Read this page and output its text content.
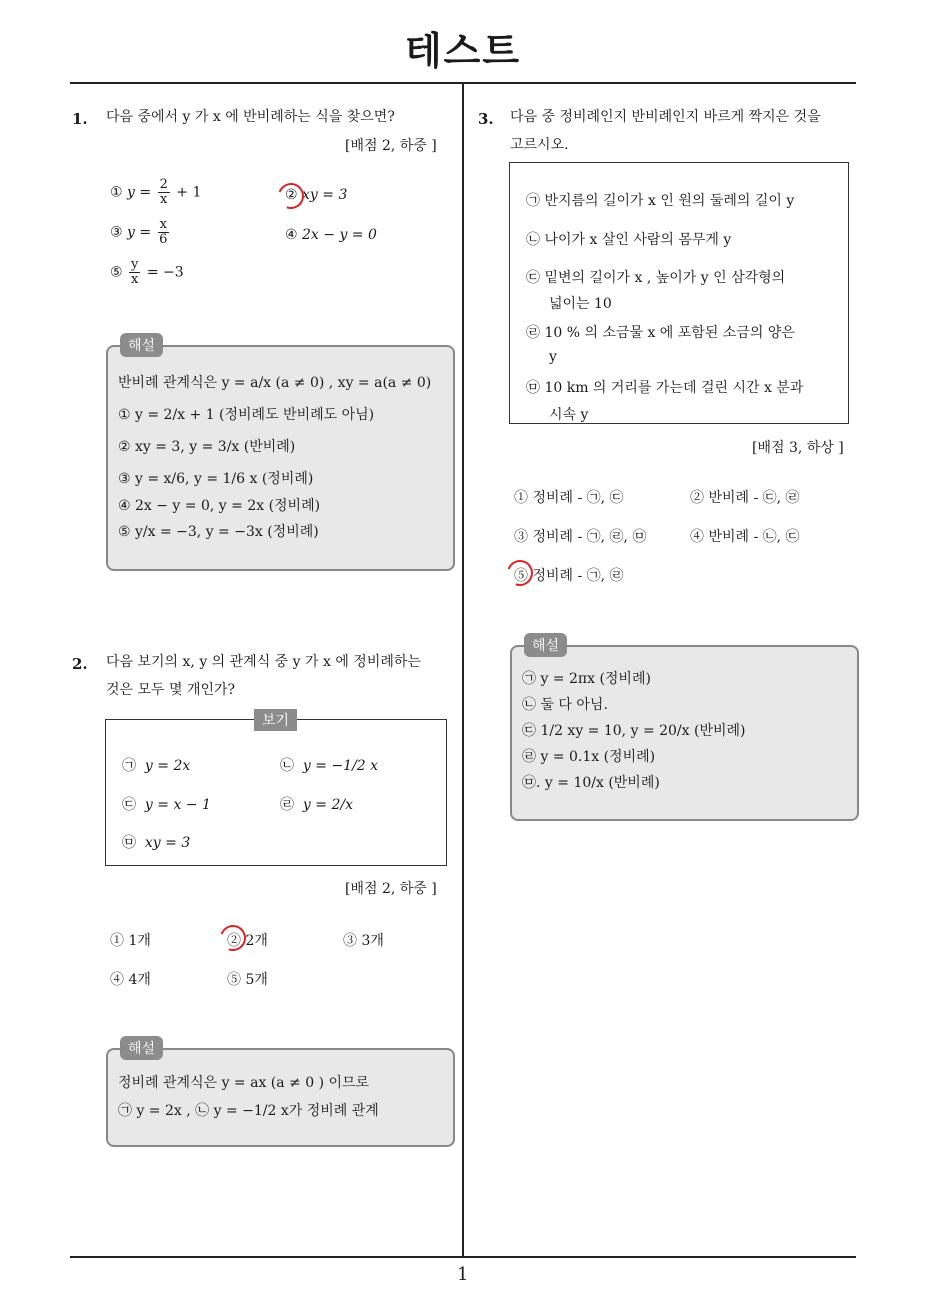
테스트
1. 다음 중에서 y 가 x 에 반비례하는 식을 찾으면?
[배점 2, 하중 ]
① $y = \frac{2}{x} + 1$	② xy = 3
③ $y = \frac{x}{6}$	④ 2x − y = 0
⑤ $\frac{y}{x} = -3$
해설
반비례 관계식은 y = a/x (a ≠ 0) , xy = a(a ≠ 0)
① y = 2/x + 1 (정비례도 반비례도 아님)
② xy = 3, y = 3/x (반비례)
③ y = x/6, y = 1/6 x (정비례)
④ 2x − y = 0, y = 2x (정비례)
⑤ y/x = −3, y = −3x (정비례)
2. 다음 보기의 x, y 의 관계식 중 y 가 x 에 정비례하는
것은 모두 몇 개인가?
보기
㉠ y = 2x	㉡ y = −1/2 x
㉢ y = x − 1	㉣ y = 2/x
㉤ xy = 3
[배점 2, 하중 ]
① 1개	② 2개	③ 3개
④ 4개	⑤ 5개
해설
정비례 관계식은 y = ax (a ≠ 0 ) 이므로
㉠ y = 2x , ㉡ y = −1/2 x가 정비례 관계
3. 다음 중 정비례인지 반비례인지 바르게 짝지은 것을
고르시오.
㉠ 반지름의 길이가 x 인 원의 둘레의 길이 y
㉡ 나이가 x 살인 사람의 몸무게 y
㉢ 밑변의 길이가 x , 높이가 y 인 삼각형의
넓이는 10
㉣ 10 % 의 소금물 x 에 포함된 소금의 양은
y
㉤ 10 km 의 거리를 가는데 걸린 시간 x 분과
시속 y
[배점 3, 하상 ]
① 정비례 - ㉠, ㉢	② 반비례 - ㉢, ㉣
③ 정비례 - ㉠, ㉣, ㉤	④ 반비례 - ㉡, ㉢
⑤ 정비례 - ㉠, ㉣
해설
㉠ y = 2πx (정비례)
㉡ 둘 다 아님.
㉢ 1/2 xy = 10, y = 20/x (반비례)
㉣ y = 0.1x (정비례)
㉤. y = 10/x (반비례)
1
